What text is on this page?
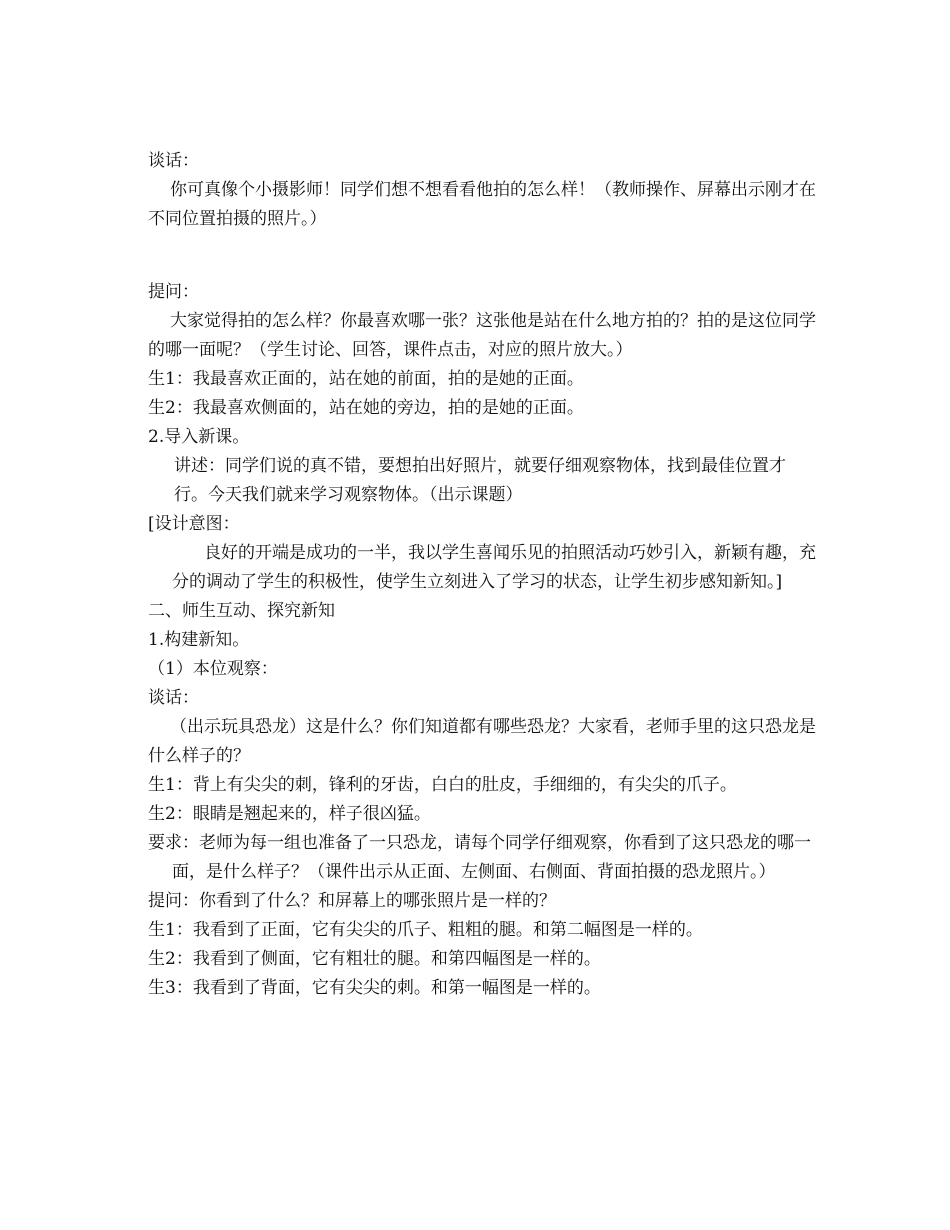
谈话：

你可真像个小摄影师！同学们想不想看看他拍的怎么样！（教师操作、屏幕出示刚才在不同位置拍摄的照片。）

提问：

大家觉得拍的怎么样？你最喜欢哪一张？这张他是站在什么地方拍的？拍的是这位同学的哪一面呢？（学生讨论、回答，课件点击，对应的照片放大。）

生1：我最喜欢正面的，站在她的前面，拍的是她的正面。

生2：我最喜欢侧面的，站在她的旁边，拍的是她的正面。

2.导入新课。

讲述：同学们说的真不错，要想拍出好照片，就要仔细观察物体，找到最佳位置才行。今天我们就来学习观察物体。（出示课题）

[设计意图：

良好的开端是成功的一半，我以学生喜闻乐见的拍照活动巧妙引入，新颖有趣，充分的调动了学生的积极性，使学生立刻进入了学习的状态，让学生初步感知新知。]

二、师生互动、探究新知

1.构建新知。

（1）本位观察：

谈话：

（出示玩具恐龙）这是什么？你们知道都有哪些恐龙？大家看，老师手里的这只恐龙是什么样子的？

生1：背上有尖尖的刺，锋利的牙齿，白白的肚皮，手细细的，有尖尖的爪子。

生2：眼睛是翘起来的，样子很凶猛。

要求：老师为每一组也准备了一只恐龙，请每个同学仔细观察，你看到了这只恐龙的哪一面，是什么样子？（课件出示从正面、左侧面、右侧面、背面拍摄的恐龙照片。）

提问：你看到了什么？和屏幕上的哪张照片是一样的？

生1：我看到了正面，它有尖尖的爪子、粗粗的腿。和第二幅图是一样的。

生2：我看到了侧面，它有粗壮的腿。和第四幅图是一样的。

生3：我看到了背面，它有尖尖的刺。和第一幅图是一样的。
